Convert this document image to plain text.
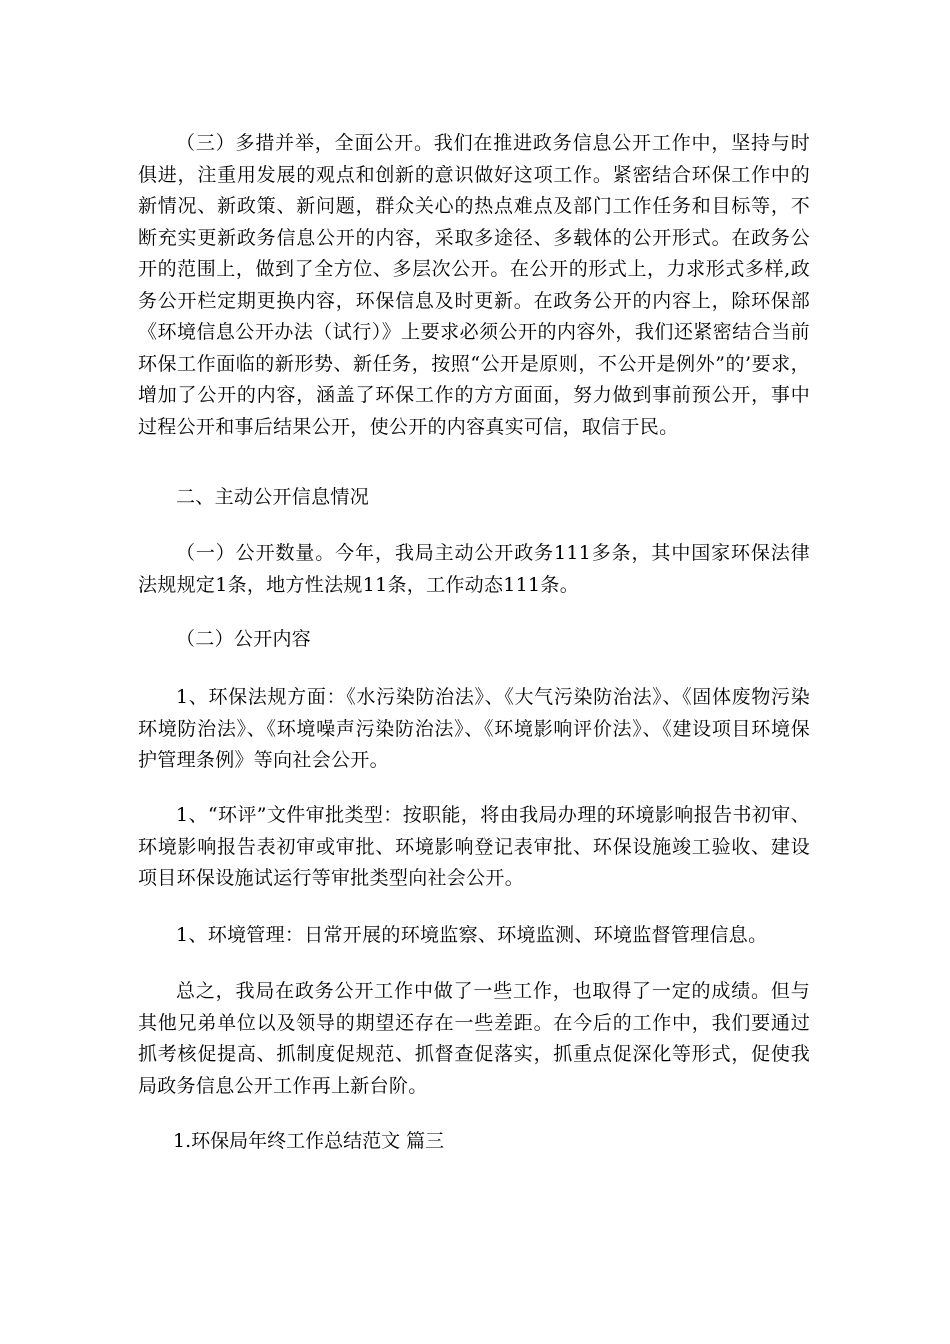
（三）多措并举，全面公开。我们在推进政务信息公开工作中，坚持与时俱进，注重用发展的观点和创新的意识做好这项工作。紧密结合环保工作中的新情况、新政策、新问题，群众关心的热点难点及部门工作任务和目标等，不断充实更新政务信息公开的内容，采取多途径、多载体的公开形式。在政务公开的范围上，做到了全方位、多层次公开。在公开的形式上，力求形式多样,政务公开栏定期更换内容，环保信息及时更新。在政务公开的内容上，除环保部《环境信息公开办法（试行）》上要求必须公开的内容外，我们还紧密结合当前环保工作面临的新形势、新任务，按照“公开是原则，不公开是例外”的’要求，增加了公开的内容，涵盖了环保工作的方方面面，努力做到事前预公开，事中过程公开和事后结果公开，使公开的内容真实可信，取信于民。

二、主动公开信息情况

（一）公开数量。今年，我局主动公开政务111多条，其中国家环保法律法规规定1条，地方性法规11条，工作动态111条。

（二）公开内容

1、环保法规方面：《水污染防治法》、《大气污染防治法》、《固体废物污染环境防治法》、《环境噪声污染防治法》、《环境影响评价法》、《建设项目环境保护管理条例》等向社会公开。

1、“环评”文件审批类型：按职能，将由我局办理的环境影响报告书初审、环境影响报告表初审或审批、环境影响登记表审批、环保设施竣工验收、建设项目环保设施试运行等审批类型向社会公开。

1、环境管理：日常开展的环境监察、环境监测、环境监督管理信息。

总之，我局在政务公开工作中做了一些工作，也取得了一定的成绩。但与其他兄弟单位以及领导的期望还存在一些差距。在今后的工作中，我们要通过抓考核促提高、抓制度促规范、抓督查促落实，抓重点促深化等形式，促使我局政务信息公开工作再上新台阶。

1.环保局年终工作总结范文 篇三
